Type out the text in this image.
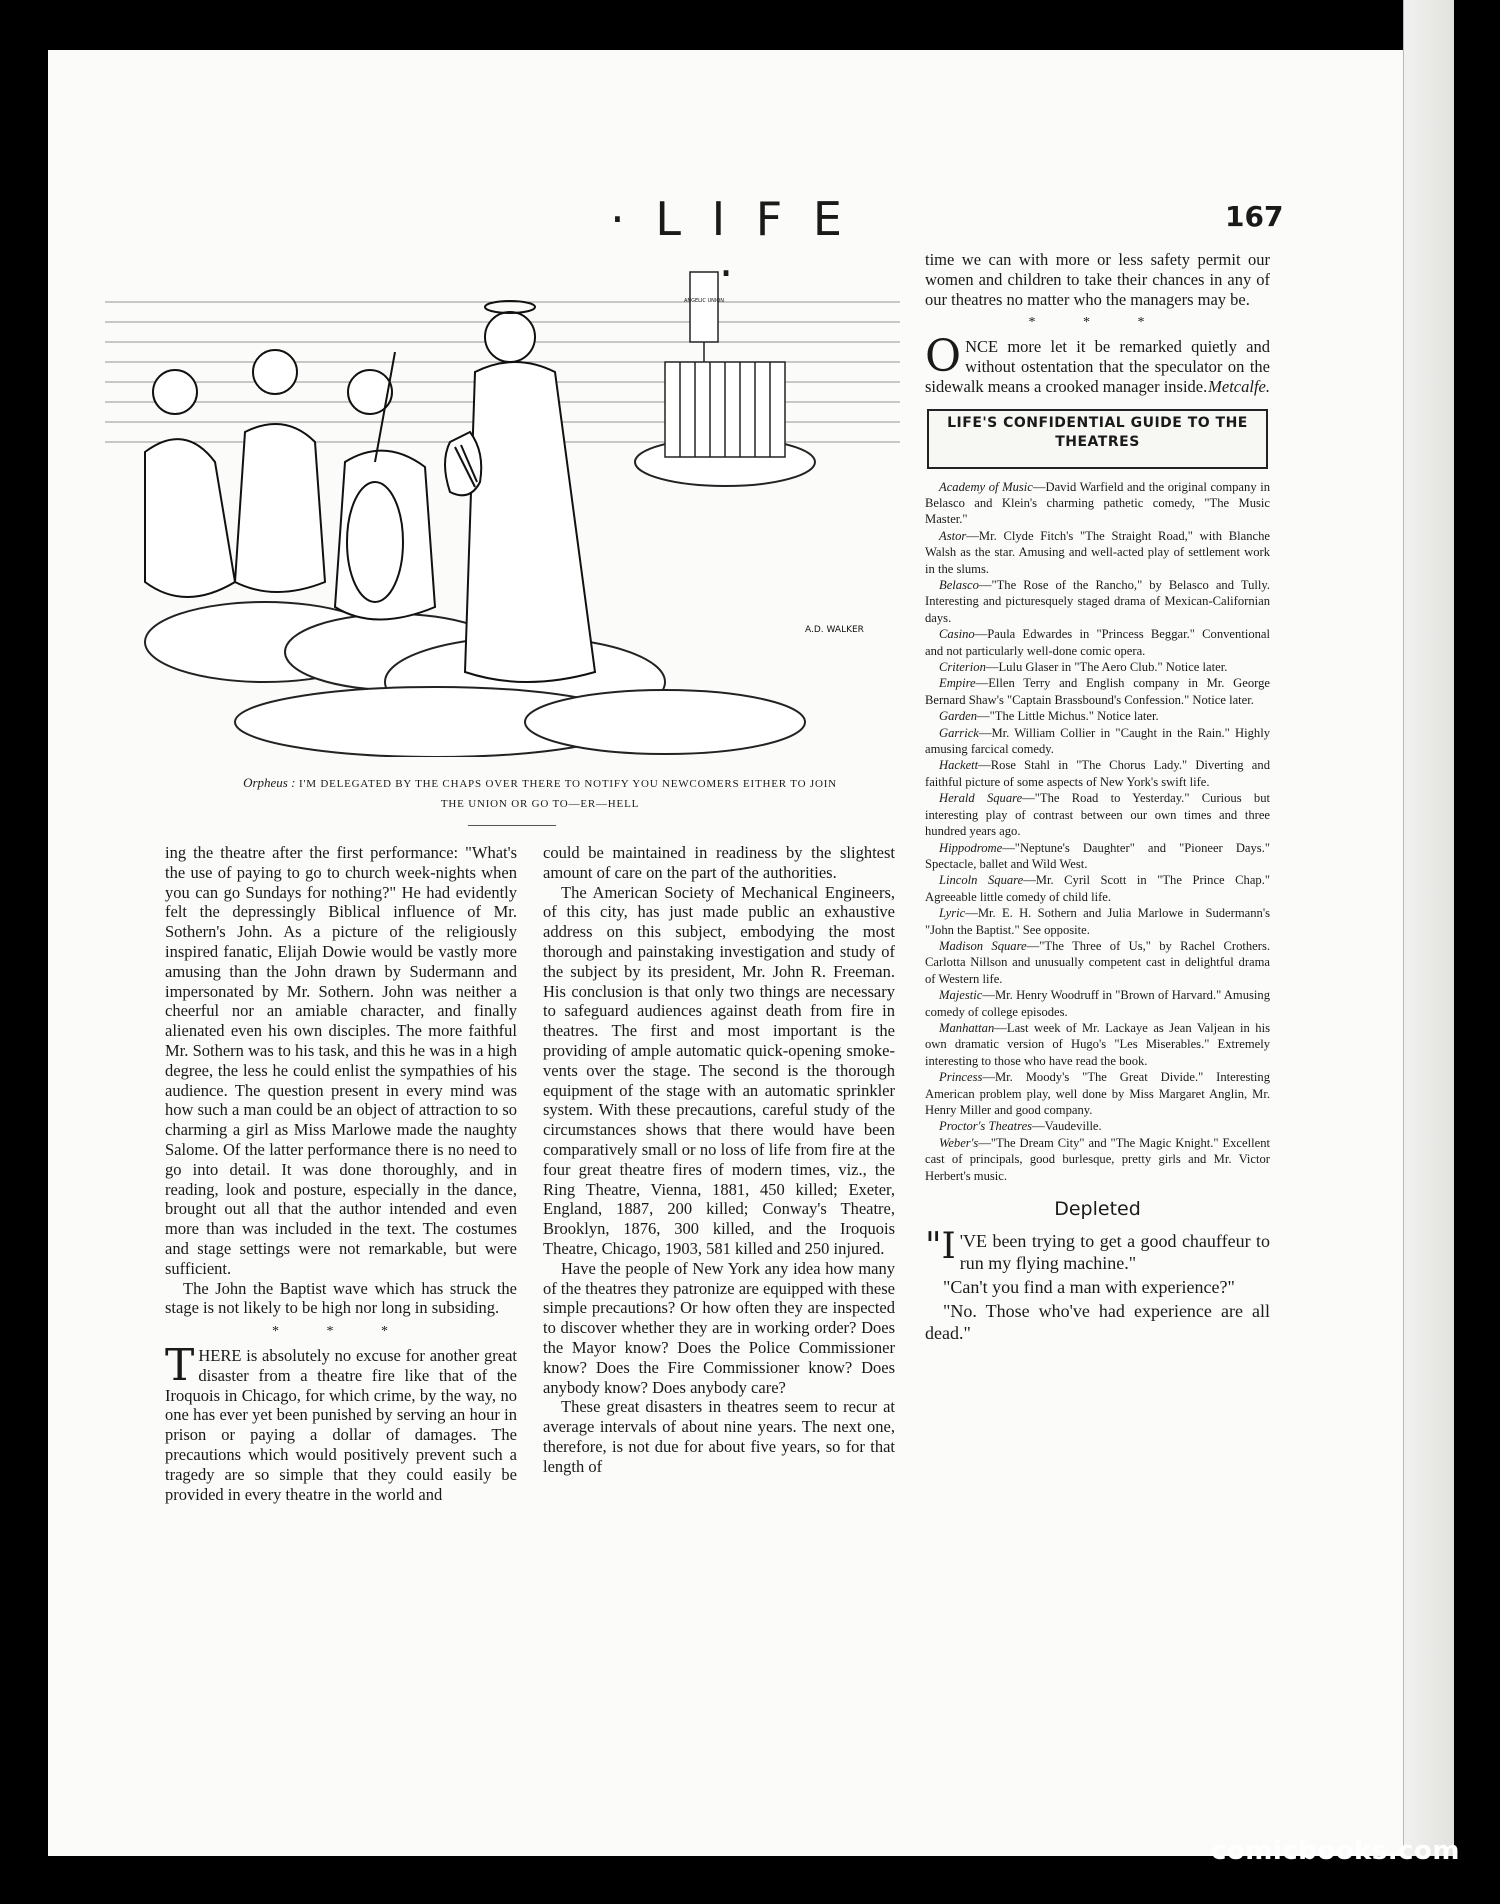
· L I F E ·
167
ANGELIC UNION
A.D. WALKER
Orpheus : I'M DELEGATED BY THE CHAPS OVER THERE TO NOTIFY YOU NEWCOMERS EITHER TO JOIN
THE UNION OR GO TO—ER—HELL

ing the theatre after the first performance: "What's the use of paying to go to church week-nights when you can go Sundays for nothing?" He had evidently felt the depressingly Biblical influence of Mr. Sothern's John. As a picture of the religiously inspired fanatic, Elijah Dowie would be vastly more amusing than the John drawn by Sudermann and impersonated by Mr. Sothern. John was neither a cheerful nor an amiable character, and finally alienated even his own disciples. The more faithful Mr. Sothern was to his task, and this he was in a high degree, the less he could enlist the sympathies of his audience. The question present in every mind was how such a man could be an object of attraction to so charming a girl as Miss Marlowe made the naughty Salome. Of the latter performance there is no need to go into detail. It was done thoroughly, and in reading, look and posture, especially in the dance, brought out all that the author intended and even more than was included in the text. The costumes and stage settings were not remarkable, but were sufficient.

The John the Baptist wave which has struck the stage is not likely to be high nor long in subsiding.

* * *

THERE is absolutely no excuse for another great disaster from a theatre fire like that of the Iroquois in Chicago, for which crime, by the way, no one has ever yet been punished by serving an hour in prison or paying a dollar of damages. The precautions which would positively prevent such a tragedy are so simple that they could easily be provided in every theatre in the world and

could be maintained in readiness by the slightest amount of care on the part of the authorities.

The American Society of Mechanical Engineers, of this city, has just made public an exhaustive address on this subject, embodying the most thorough and painstaking investigation and study of the subject by its president, Mr. John R. Freeman. His conclusion is that only two things are necessary to safeguard audiences against death from fire in theatres. The first and most important is the providing of ample automatic quick-opening smoke-vents over the stage. The second is the thorough equipment of the stage with an automatic sprinkler system. With these precautions, careful study of the circumstances shows that there would have been comparatively small or no loss of life from fire at the four great theatre fires of modern times, viz., the Ring Theatre, Vienna, 1881, 450 killed; Exeter, England, 1887, 200 killed; Conway's Theatre, Brooklyn, 1876, 300 killed, and the Iroquois Theatre, Chicago, 1903, 581 killed and 250 injured.

Have the people of New York any idea how many of the theatres they patronize are equipped with these simple precautions? Or how often they are inspected to discover whether they are in working order? Does the Mayor know? Does the Police Commissioner know? Does the Fire Commissioner know? Does anybody know? Does anybody care?

These great disasters in theatres seem to recur at average intervals of about nine years. The next one, therefore, is not due for about five years, so for that length of

time we can with more or less safety permit our women and children to take their chances in any of our theatres no matter who the managers may be.

* * *

ONCE more let it be remarked quietly and without ostentation that the speculator on the sidewalk means a crooked manager inside. Metcalfe.

LIFE'S CONFIDENTIAL GUIDE TO THE THEATRES

Academy of Music—David Warfield and the original company in Belasco and Klein's charming pathetic comedy, "The Music Master."

Astor—Mr. Clyde Fitch's "The Straight Road," with Blanche Walsh as the star. Amusing and well-acted play of settlement work in the slums.

Belasco—"The Rose of the Rancho," by Belasco and Tully. Interesting and picturesquely staged drama of Mexican-Californian days.

Casino—Paula Edwardes in "Princess Beggar." Conventional and not particularly well-done comic opera.

Criterion—Lulu Glaser in "The Aero Club." Notice later.

Empire—Ellen Terry and English company in Mr. George Bernard Shaw's "Captain Brassbound's Confession." Notice later.

Garden—"The Little Michus." Notice later.

Garrick—Mr. William Collier in "Caught in the Rain." Highly amusing farcical comedy.

Hackett—Rose Stahl in "The Chorus Lady." Diverting and faithful picture of some aspects of New York's swift life.

Herald Square—"The Road to Yesterday." Curious but interesting play of contrast between our own times and three hundred years ago.

Hippodrome—"Neptune's Daughter" and "Pioneer Days." Spectacle, ballet and Wild West.

Lincoln Square—Mr. Cyril Scott in "The Prince Chap." Agreeable little comedy of child life.

Lyric—Mr. E. H. Sothern and Julia Marlowe in Sudermann's "John the Baptist." See opposite.

Madison Square—"The Three of Us," by Rachel Crothers. Carlotta Nillson and unusually competent cast in delightful drama of Western life.

Majestic—Mr. Henry Woodruff in "Brown of Harvard." Amusing comedy of college episodes.

Manhattan—Last week of Mr. Lackaye as Jean Valjean in his own dramatic version of Hugo's "Les Miserables." Extremely interesting to those who have read the book.

Princess—Mr. Moody's "The Great Divide." Interesting American problem play, well done by Miss Margaret Anglin, Mr. Henry Miller and good company.

Proctor's Theatres—Vaudeville.

Weber's—"The Dream City" and "The Magic Knight." Excellent cast of principals, good burlesque, pretty girls and Mr. Victor Herbert's music.

Depleted

"I 'VE been trying to get a good chauffeur to run my flying machine."

"Can't you find a man with experience?"

"No. Those who've had experience are all dead."

comicbooks.com
